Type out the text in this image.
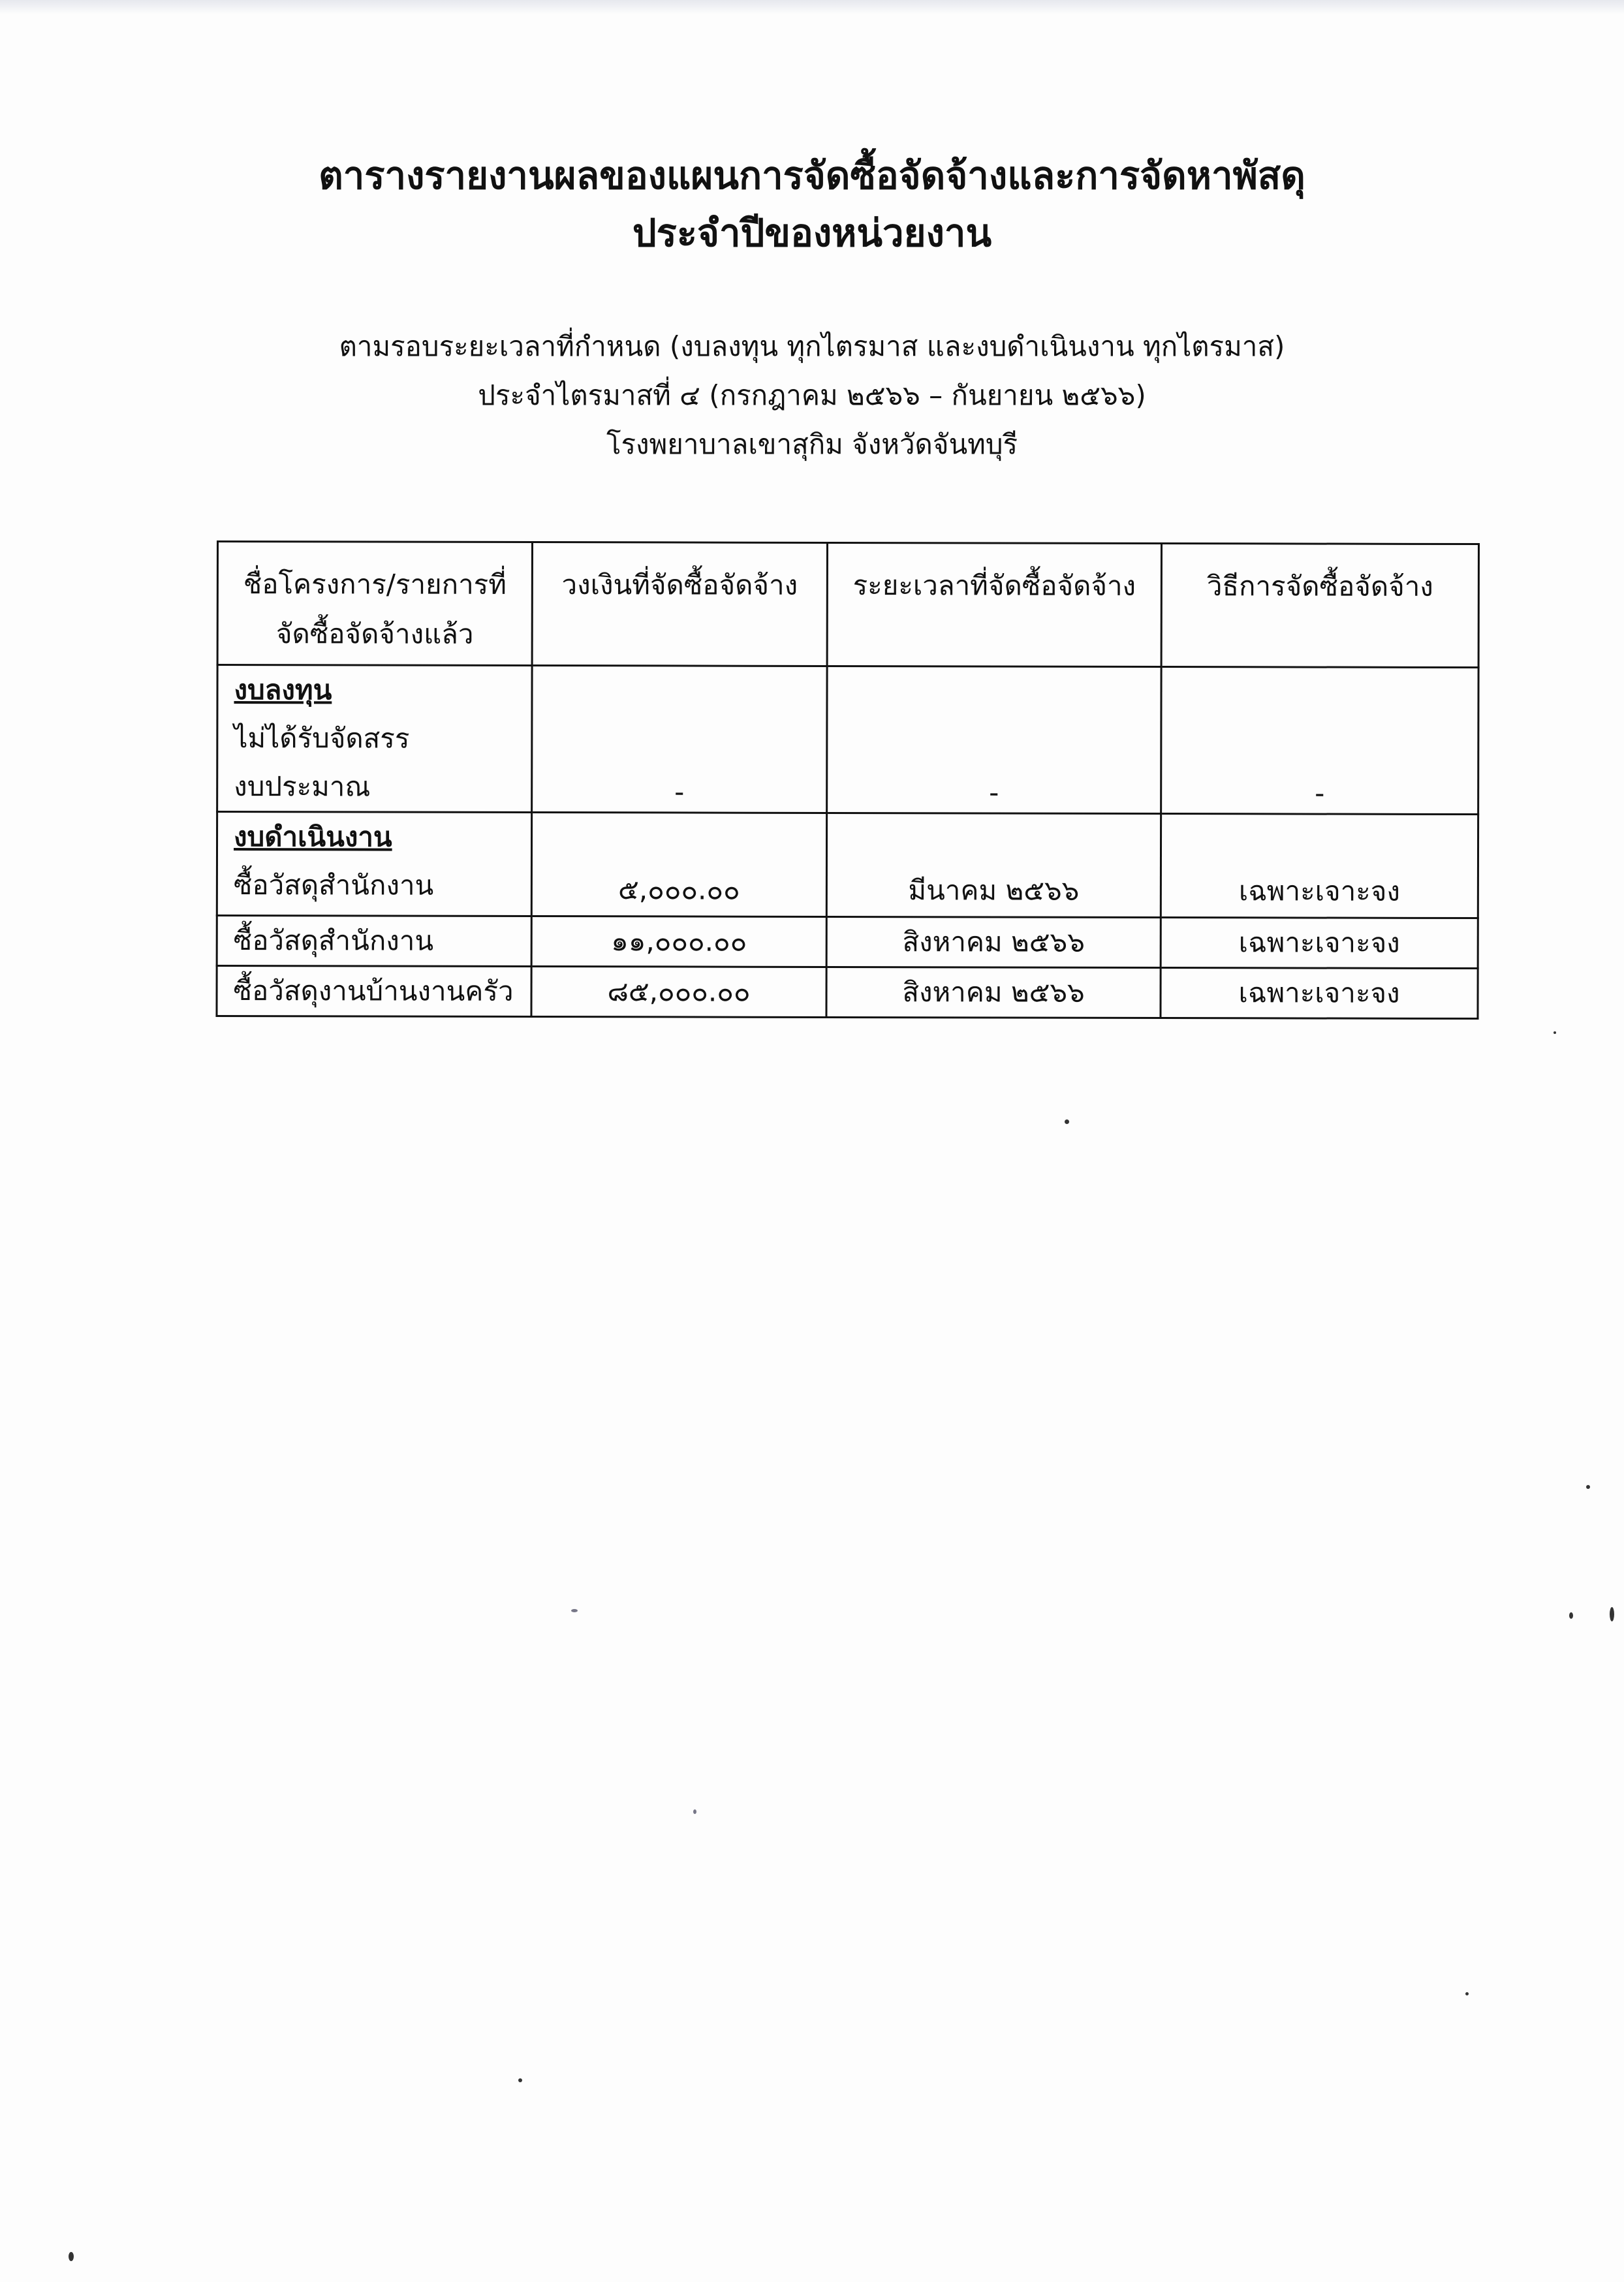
ตารางรายงานผลของแผนการจัดซื้อจัดจ้างและการจัดหาพัสดุ
ประจำปีของหน่วยงาน
ตามรอบระยะเวลาที่กำหนด (งบลงทุน ทุกไตรมาส และงบดำเนินงาน ทุกไตรมาส)
ประจำไตรมาสที่ ๔ (กรกฎาคม ๒๕๖๖ – กันยายน ๒๕๖๖)
โรงพยาบาลเขาสุกิม จังหวัดจันทบุรี
ชื่อโครงการ/รายการที่
จัดซื้อจัดจ้างแล้ว	วงเงินที่จัดซื้อจัดจ้าง	ระยะเวลาที่จัดซื้อจัดจ้าง	วิธีการจัดซื้อจัดจ้าง

งบลงทุน
ไม่ได้รับจัดสรร
งบประมาณ	-	-	-

งบดำเนินงาน
ซื้อวัสดุสำนักงาน	๕,๐๐๐.๐๐	มีนาคม ๒๕๖๖	เฉพาะเจาะจง
ซื้อวัสดุสำนักงาน	๑๑,๐๐๐.๐๐	สิงหาคม ๒๕๖๖	เฉพาะเจาะจง
ซื้อวัสดุงานบ้านงานครัว	๘๕,๐๐๐.๐๐	สิงหาคม ๒๕๖๖	เฉพาะเจาะจง
